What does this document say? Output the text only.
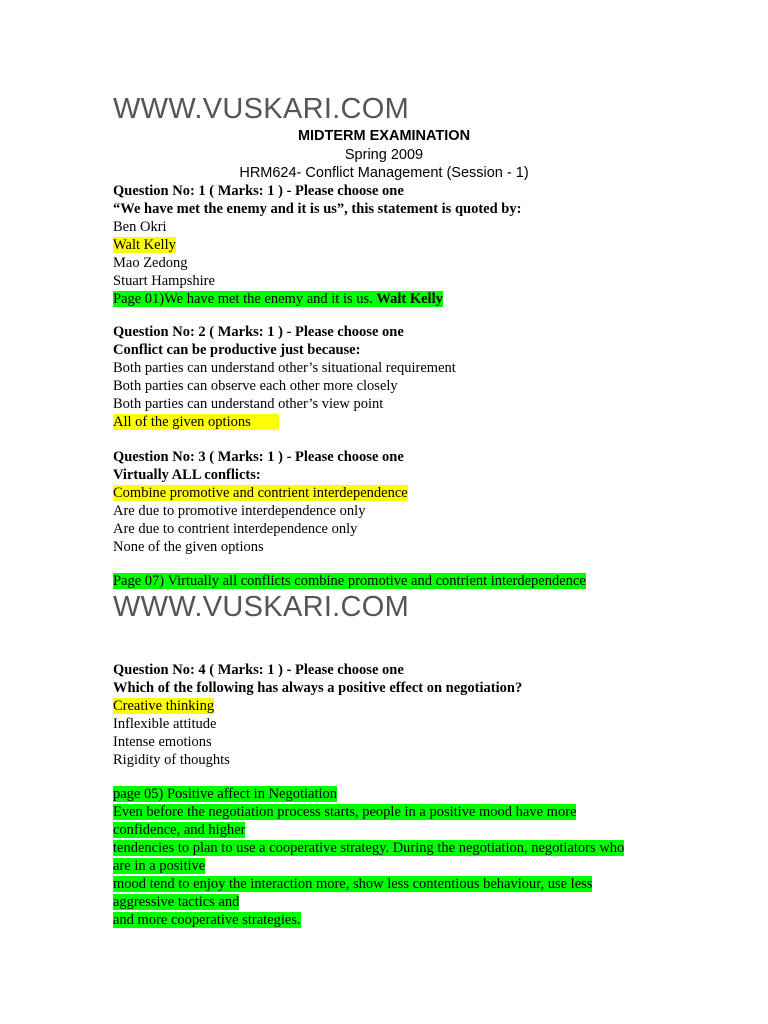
WWW.VUSKARI.COM
MIDTERM EXAMINATION
Spring 2009
HRM624- Conflict Management (Session - 1)
Question No: 1 ( Marks: 1 ) - Please choose one
“We have met the enemy and it is us”, this statement is quoted by:
Ben Okri
Walt Kelly
Mao Zedong
Stuart Hampshire
Page 01)We have met the enemy and it is us. Walt Kelly
Question No: 2 ( Marks: 1 ) - Please choose one
Conflict can be productive just because:
Both parties can understand other’s situational requirement
Both parties can observe each other more closely
Both parties can understand other’s view point
All of the given options
Question No: 3 ( Marks: 1 ) - Please choose one
Virtually ALL conflicts:
Combine promotive and contrient interdependence
Are due to promotive interdependence only
Are due to contrient interdependence only
None of the given options
Page 07) Virtually all conflicts combine promotive and contrient interdependence
WWW.VUSKARI.COM
Question No: 4 ( Marks: 1 ) - Please choose one
Which of the following has always a positive effect on negotiation?
Creative thinking
Inflexible attitude
Intense emotions
Rigidity of thoughts
page 05) Positive affect in Negotiation
Even before the negotiation process starts, people in a positive mood have more
confidence, and higher
tendencies to plan to use a cooperative strategy. During the negotiation, negotiators who
are in a positive
mood tend to enjoy the interaction more, show less contentious behaviour, use less
aggressive tactics and
and more cooperative strategies.
